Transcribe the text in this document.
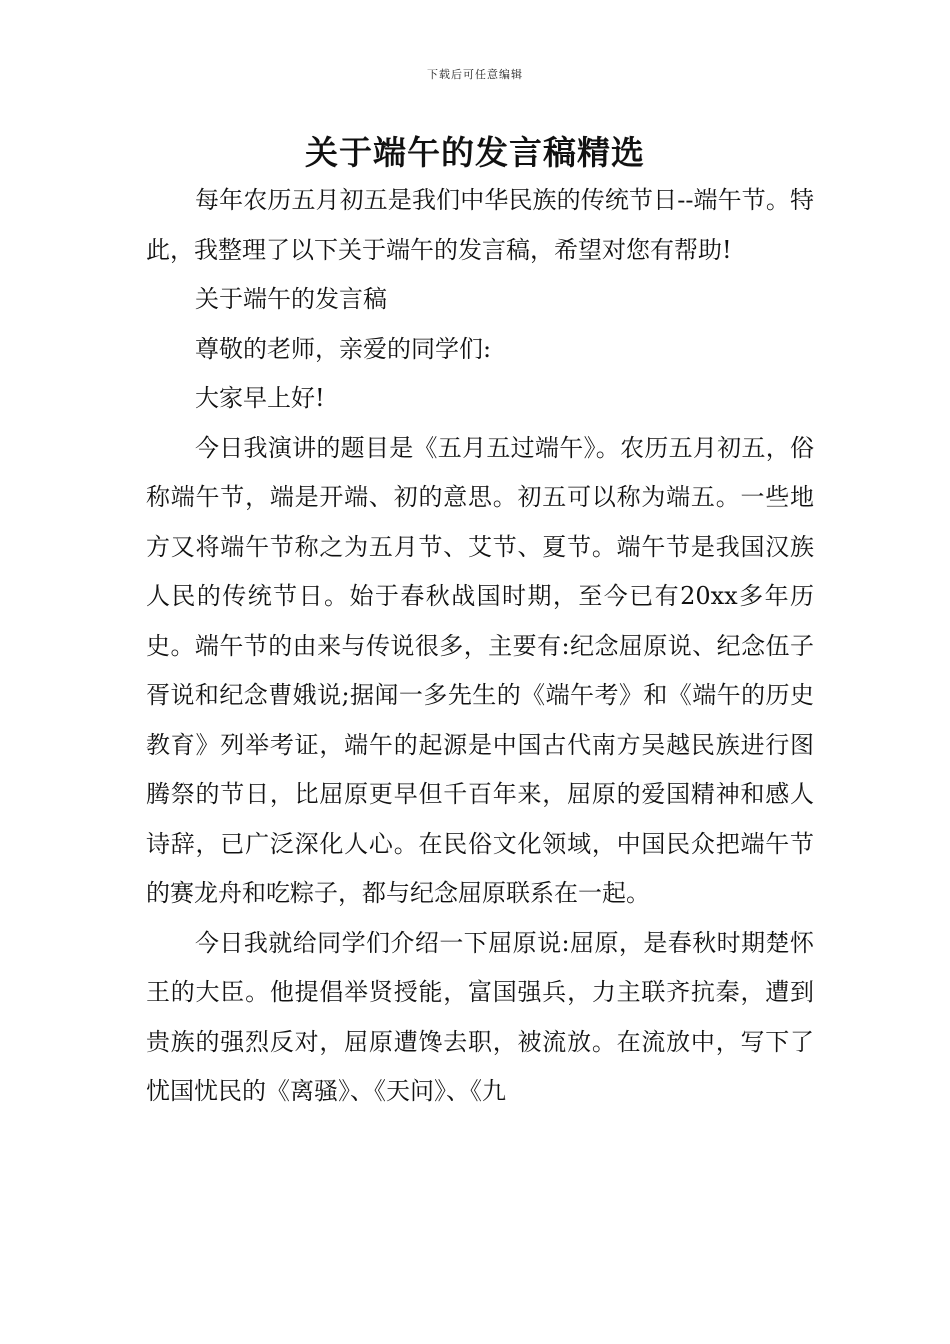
下载后可任意编辑
关于端午的发言稿精选

每年农历五月初五是我们中华民族的传统节日--端午节。特此，我整理了以下关于端午的发言稿，希望对您有帮助!

关于端午的发言稿

尊敬的老师，亲爱的同学们:

大家早上好!

今日我演讲的题目是《五月五过端午》。农历五月初五，俗称端午节，端是开端、初的意思。初五可以称为端五。一些地方又将端午节称之为五月节、艾节、夏节。端午节是我国汉族人民的传统节日。始于春秋战国时期，至今已有20xx多年历史。端午节的由来与传说很多，主要有:纪念屈原说、纪念伍子胥说和纪念曹娥说;据闻一多先生的《端午考》和《端午的历史教育》列举考证，端午的起源是中国古代南方吴越民族进行图腾祭的节日，比屈原更早但千百年来，屈原的爱国精神和感人诗辞，已广泛深化人心。在民俗文化领域，中国民众把端午节的赛龙舟和吃粽子，都与纪念屈原联系在一起。

今日我就给同学们介绍一下屈原说:屈原，是春秋时期楚怀王的大臣。他提倡举贤授能，富国强兵，力主联齐抗秦，遭到贵族的强烈反对，屈原遭馋去职，被流放。在流放中，写下了忧国忧民的《离骚》、《天问》、《九
